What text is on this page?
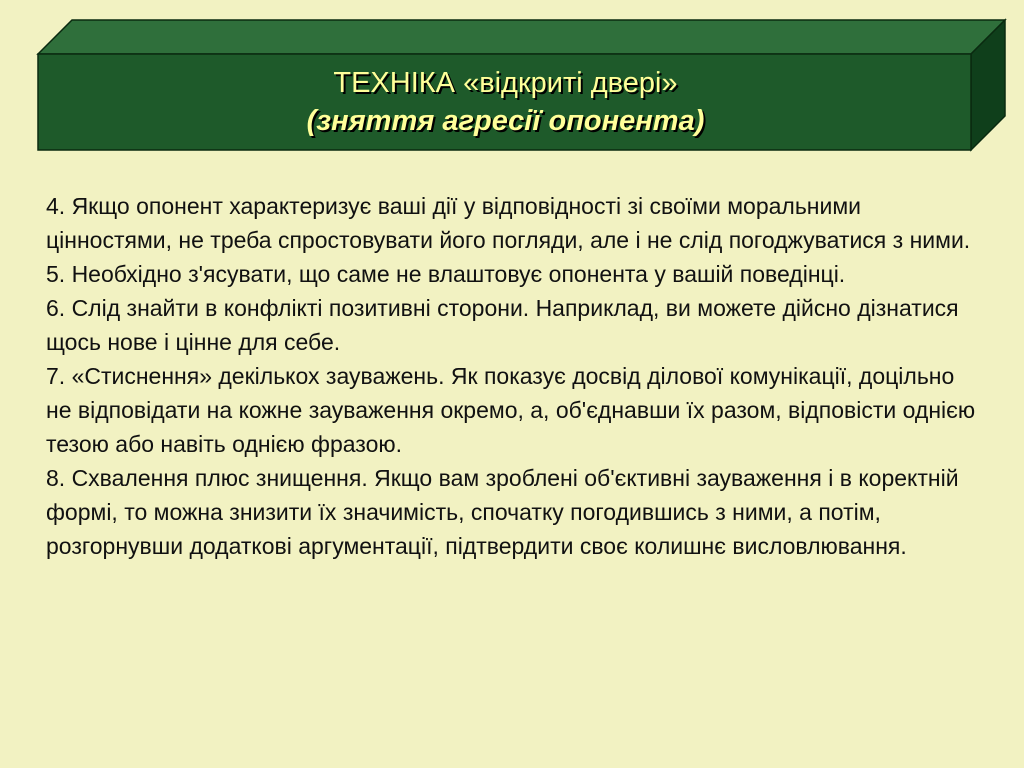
ТЕХНІКА «відкриті двері»
(зняття агресії опонента)

4. Якщо опонент характеризує ваші дії у відповідності зі своїми моральними цінностями, не треба спростовувати його погляди, але і не слід погоджуватися з ними.

5. Необхідно з'ясувати, що саме не влаштовує опонента у вашій поведінці.

6. Слід знайти в конфлікті позитивні сторони. Наприклад, ви можете дійсно дізнатися щось нове і цінне для себе.

7. «Стиснення» декількох зауважень. Як показує досвід ділової комунікації, доцільно не відповідати на кожне зауваження окремо, а, об'єднавши їх разом, відповісти однією тезою або навіть однією фразою.

8. Схвалення плюс знищення. Якщо вам зроблені об'єктивні зауваження і в коректній формі, то можна знизити їх значимість, спочатку погодившись з ними, а потім, розгорнувши додаткові аргументації, підтвердити своє колишнє висловлювання.
